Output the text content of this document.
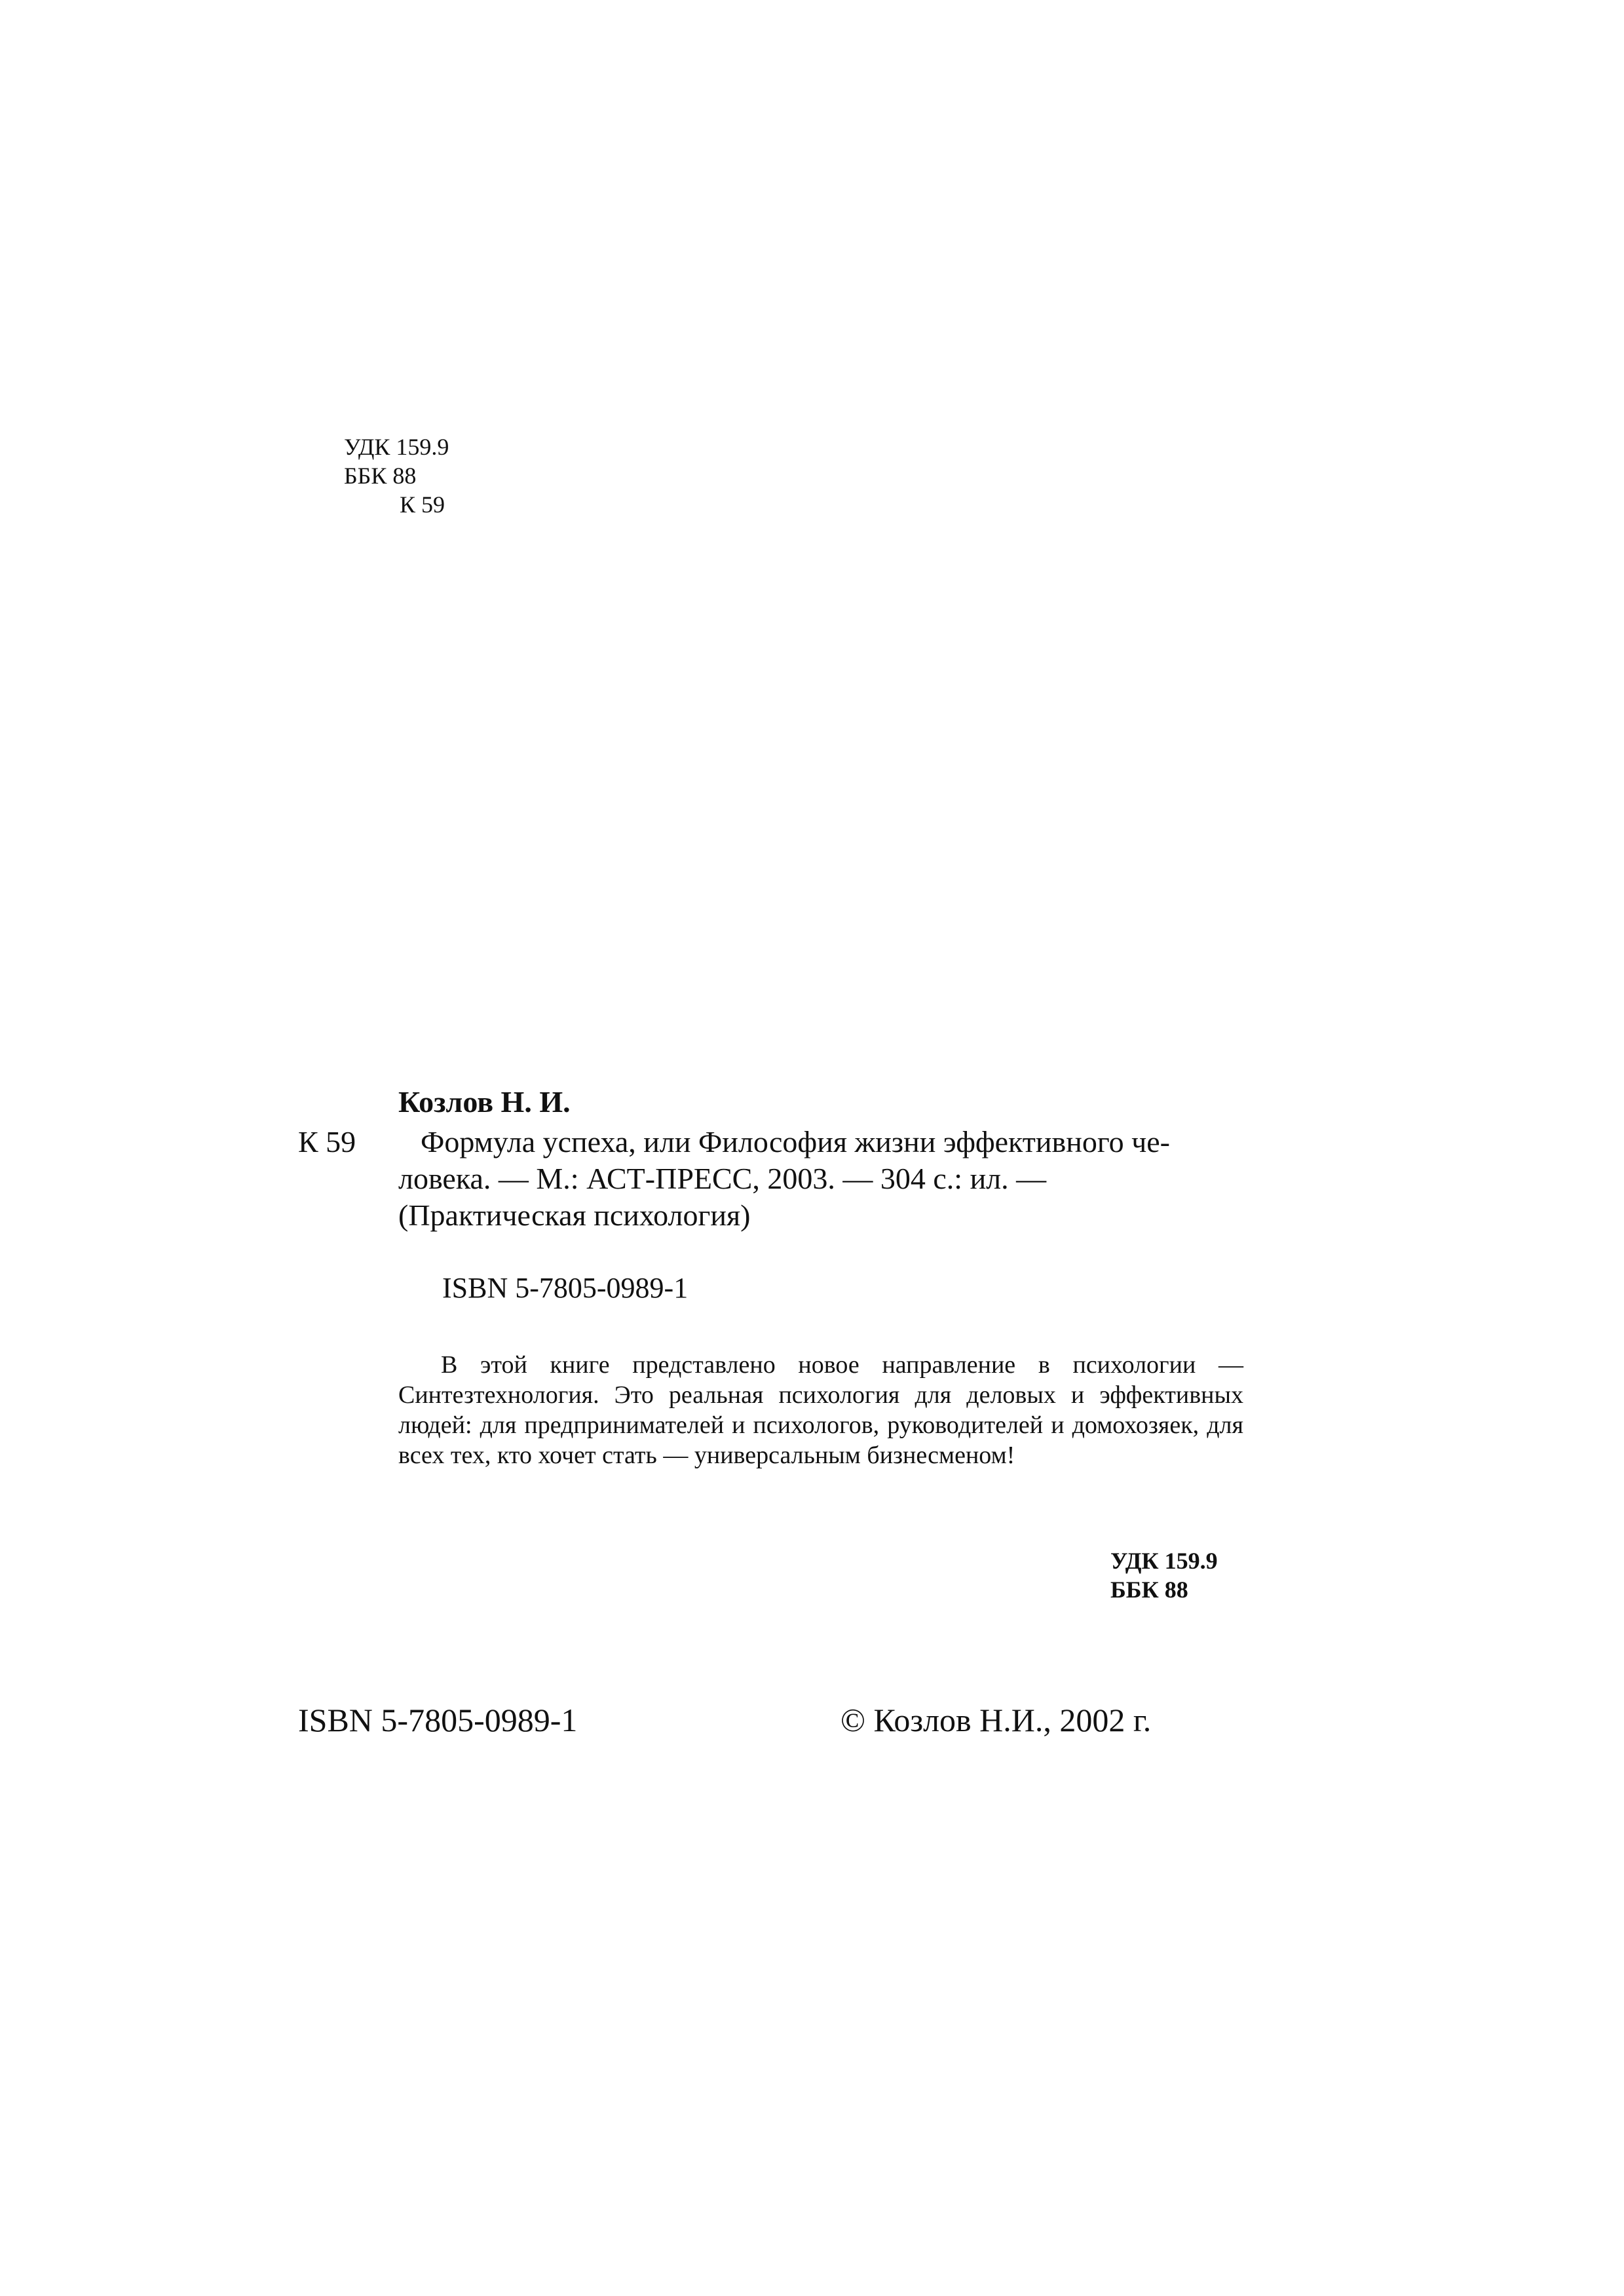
УДК 159.9
ББК 88
К 59
Козлов Н. И.
К 59 Формула успеха, или Философия жизни эффективного че-
ловека. — М.: АСТ-ПРЕСС, 2003. — 304 с.: ил. —
(Практическая психология)
ISBN 5-7805-0989-1

В этой книге представлено новое направление в психологии — Синтезтехнология. Это реальная психология для деловых и эффективных людей: для предпринимателей и психологов, руководителей и домохозяек, для всех тех, кто хочет стать — универсальным бизнесменом!

УДК 159.9
ББК 88
ISBN 5-7805-0989-1	© Козлов Н.И., 2002 г.
